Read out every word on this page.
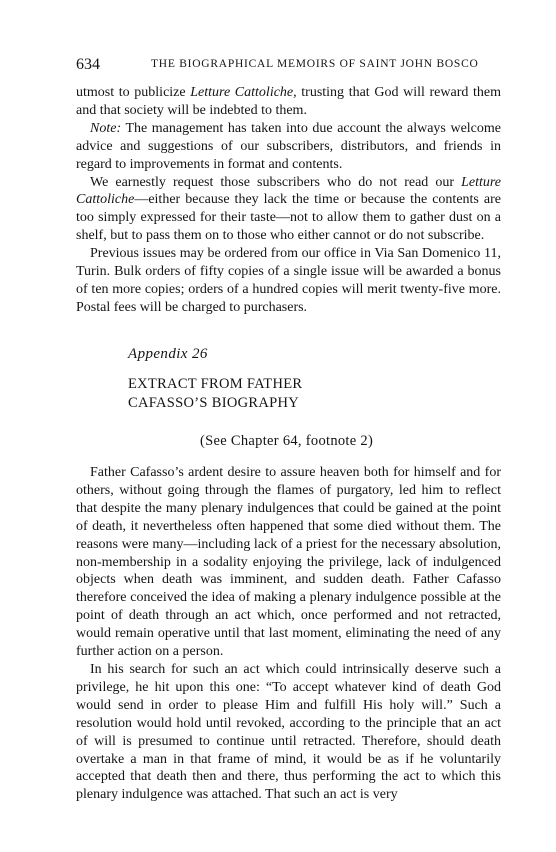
634	THE BIOGRAPHICAL MEMOIRS OF SAINT JOHN BOSCO

utmost to publicize Letture Cattoliche, trusting that God will reward them and that society will be indebted to them.

Note: The management has taken into due account the always welcome advice and suggestions of our subscribers, distributors, and friends in regard to improvements in format and contents.

We earnestly request those subscribers who do not read our Letture Cattoliche—either because they lack the time or because the contents are too simply expressed for their taste—not to allow them to gather dust on a shelf, but to pass them on to those who either cannot or do not subscribe.

Previous issues may be ordered from our office in Via San Domenico 11, Turin. Bulk orders of fifty copies of a single issue will be awarded a bonus of ten more copies; orders of a hundred copies will merit twenty-five more. Postal fees will be charged to purchasers.

Appendix 26
EXTRACT FROM FATHER
CAFASSO’S BIOGRAPHY
(See Chapter 64, footnote 2)

Father Cafasso’s ardent desire to assure heaven both for himself and for others, without going through the flames of purgatory, led him to reflect that despite the many plenary indulgences that could be gained at the point of death, it nevertheless often happened that some died without them. The reasons were many—including lack of a priest for the necessary absolution, non-membership in a sodality enjoying the privilege, lack of indulgenced objects when death was imminent, and sudden death. Father Cafasso therefore conceived the idea of making a plenary indulgence possible at the point of death through an act which, once performed and not retracted, would remain operative until that last moment, eliminating the need of any further action on a person.

In his search for such an act which could intrinsically deserve such a privilege, he hit upon this one: “To accept whatever kind of death God would send in order to please Him and fulfill His holy will.” Such a resolution would hold until revoked, according to the principle that an act of will is presumed to continue until retracted. Therefore, should death overtake a man in that frame of mind, it would be as if he voluntarily accepted that death then and there, thus performing the act to which this plenary indulgence was attached. That such an act is very
